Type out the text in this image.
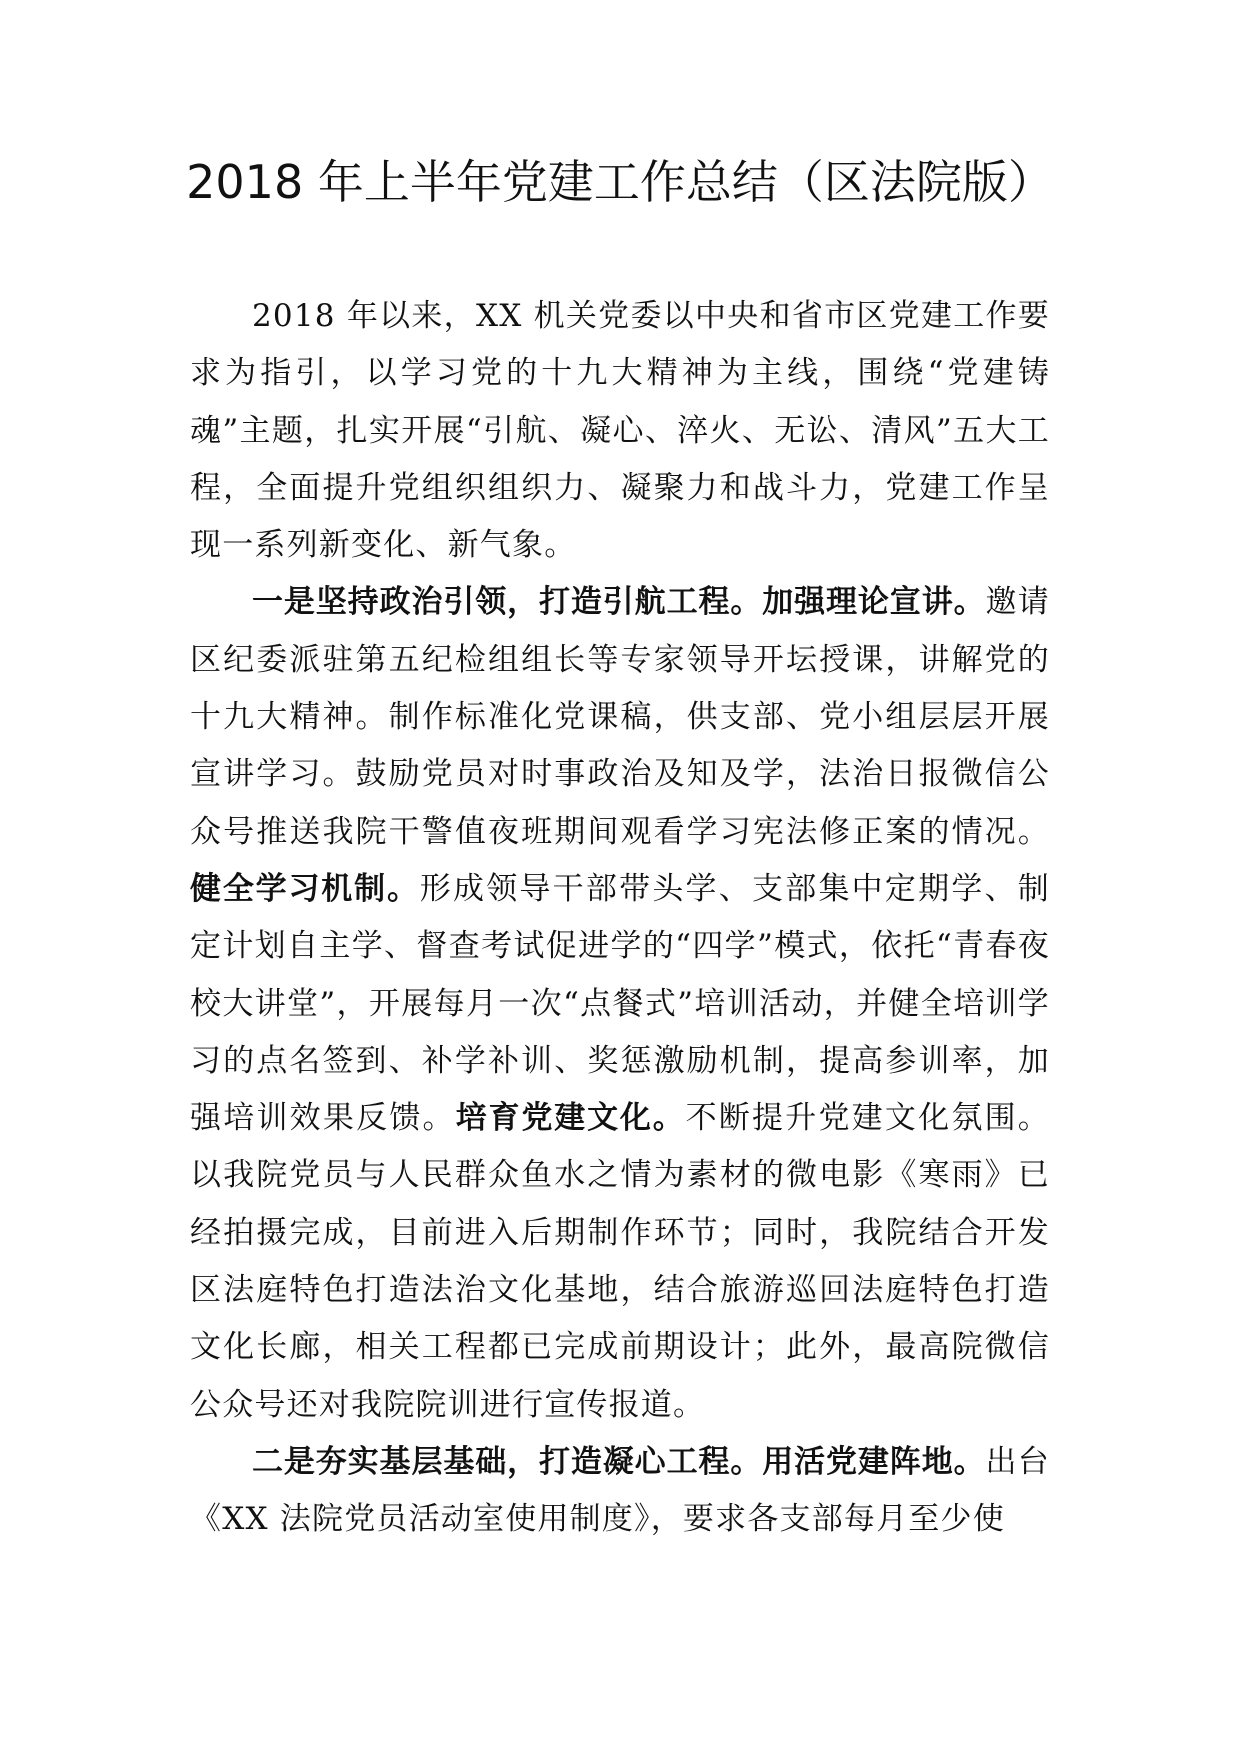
2018 年上半年党建工作总结（区法院版）

2018 年以来，XX 机关党委以中央和省市区党建工作要求为指引，以学习党的十九大精神为主线，围绕“党建铸魂”主题，扎实开展“引航、凝心、淬火、无讼、清风”五大工程，全面提升党组织组织力、凝聚力和战斗力，党建工作呈现一系列新变化、新气象。

一是坚持政治引领，打造引航工程。加强理论宣讲。邀请区纪委派驻第五纪检组组长等专家领导开坛授课，讲解党的十九大精神。制作标准化党课稿，供支部、党小组层层开展宣讲学习。鼓励党员对时事政治及知及学，法治日报微信公众号推送我院干警值夜班期间观看学习宪法修正案的情况。健全学习机制。形成领导干部带头学、支部集中定期学、制定计划自主学、督查考试促进学的“四学”模式，依托“青春夜校大讲堂”，开展每月一次“点餐式”培训活动，并健全培训学习的点名签到、补学补训、奖惩激励机制，提高参训率，加强培训效果反馈。培育党建文化。不断提升党建文化氛围。以我院党员与人民群众鱼水之情为素材的微电影《寒雨》已经拍摄完成，目前进入后期制作环节；同时，我院结合开发区法庭特色打造法治文化基地，结合旅游巡回法庭特色打造文化长廊，相关工程都已完成前期设计；此外，最高院微信公众号还对我院院训进行宣传报道。

二是夯实基层基础，打造凝心工程。用活党建阵地。出台《XX 法院党员活动室使用制度》，要求各支部每月至少使
